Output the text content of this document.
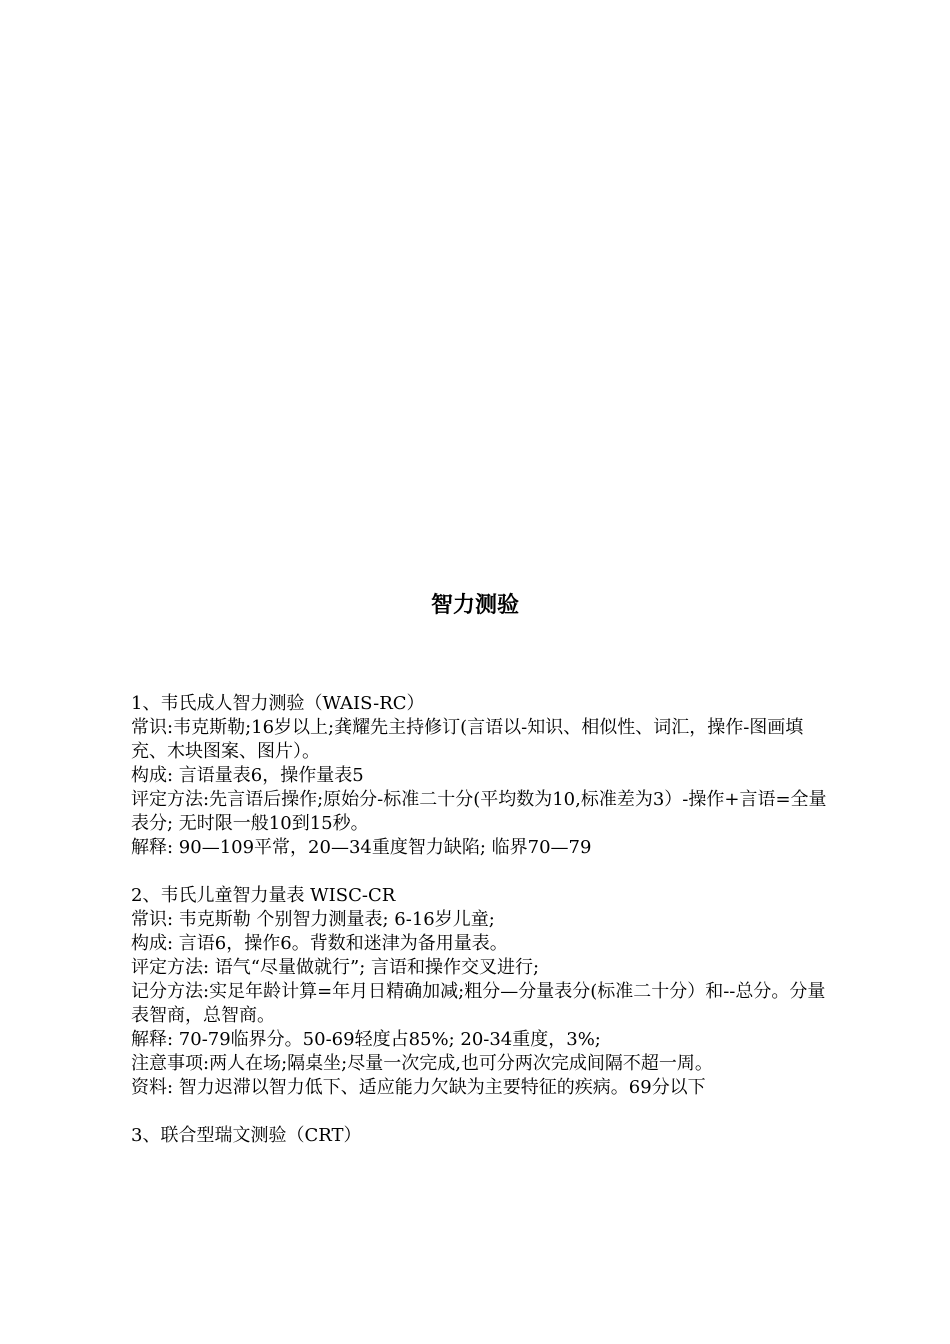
智力测验

1、韦氏成人智力测验（WAIS-RC）

常识:韦克斯勒;16岁以上;龚耀先主持修订(言语以-知识、相似性、词汇，操作-图画填充、木块图案、图片）。

构成: 言语量表6，操作量表5

评定方法:先言语后操作;原始分-标准二十分(平均数为10,标准差为3）-操作+言语=全量表分; 无时限一般10到15秒。

解释: 90—109平常，20—34重度智力缺陷; 临界70—79

2、韦氏儿童智力量表 WISC-CR

常识: 韦克斯勒 个别智力测量表; 6-16岁儿童;

构成: 言语6，操作6。背数和迷津为备用量表。

评定方法: 语气“尽量做就行”; 言语和操作交叉进行;

记分方法:实足年龄计算=年月日精确加减;粗分—分量表分(标准二十分）和--总分。分量表智商，总智商。

解释: 70-79临界分。50-69轻度占85%; 20-34重度，3%;

注意事项:两人在场;隔桌坐;尽量一次完成,也可分两次完成间隔不超一周。

资料: 智力迟滞以智力低下、适应能力欠缺为主要特征的疾病。69分以下

3、联合型瑞文测验（CRT）
